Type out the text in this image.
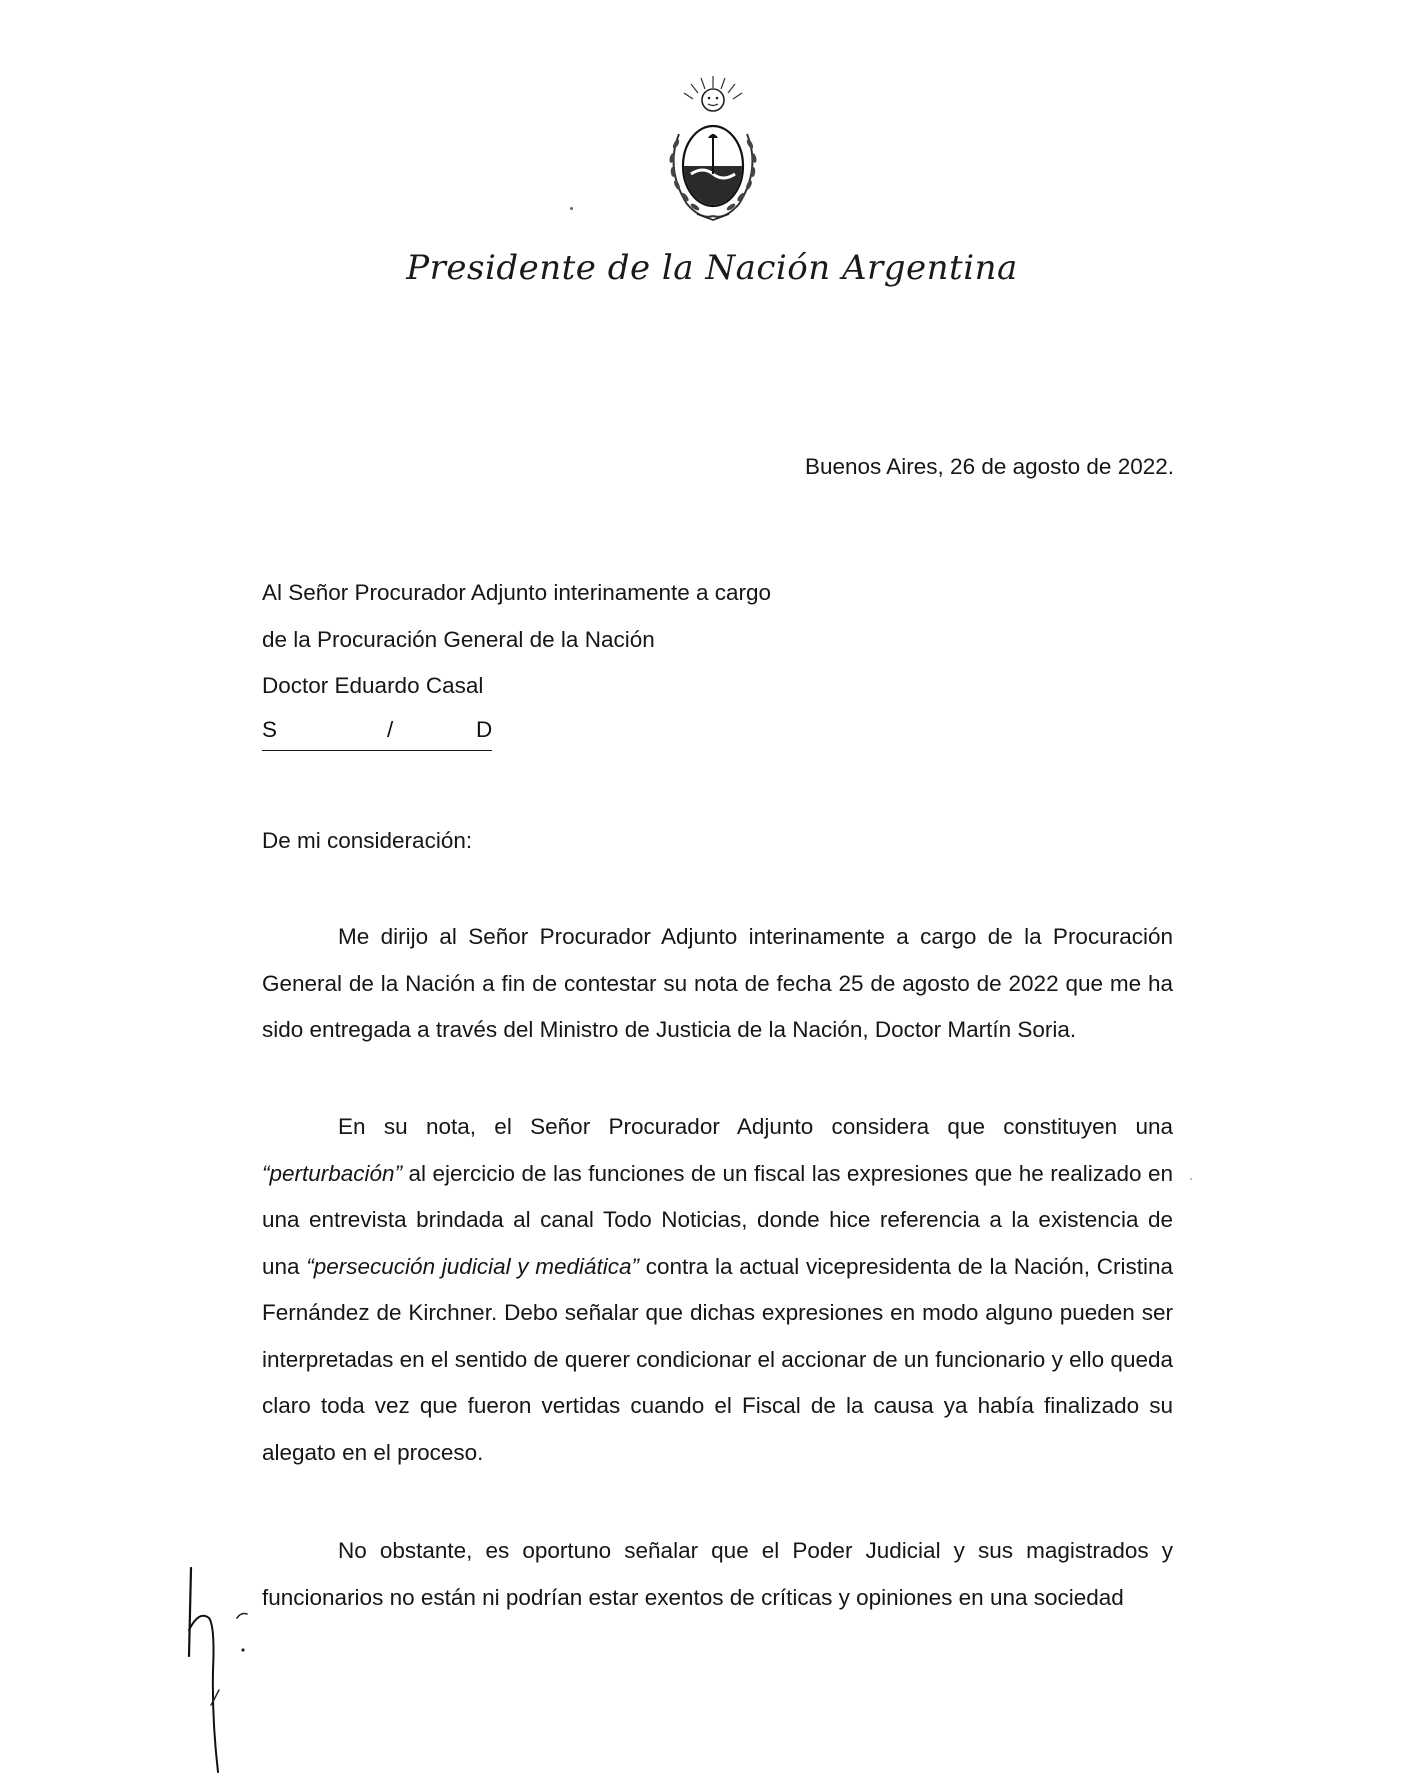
Presidente de la Nación Argentina
Buenos Aires, 26 de agosto de 2022.
Al Señor Procurador Adjunto interinamente a cargo
de la Procuración General de la Nación
Doctor Eduardo Casal
S	/	D
De mi consideración:
Me dirijo al Señor Procurador Adjunto interinamente a cargo de la Procuración General de la Nación a fin de contestar su nota de fecha 25 de agosto de 2022 que me ha sido entregada a través del Ministro de Justicia de la Nación, Doctor Martín Soria.
En su nota, el Señor Procurador Adjunto considera que constituyen una “perturbación” al ejercicio de las funciones de un fiscal las expresiones que he realizado en una entrevista brindada al canal Todo Noticias, donde hice referencia a la existencia de una “persecución judicial y mediática” contra la actual vicepresidenta de la Nación, Cristina Fernández de Kirchner. Debo señalar que dichas expresiones en modo alguno pueden ser interpretadas en el sentido de querer condicionar el accionar de un funcionario y ello queda claro toda vez que fueron vertidas cuando el Fiscal de la causa ya había finalizado su alegato en el proceso.
No obstante, es oportuno señalar que el Poder Judicial y sus magistrados y funcionarios no están ni podrían estar exentos de críticas y opiniones en una sociedad
